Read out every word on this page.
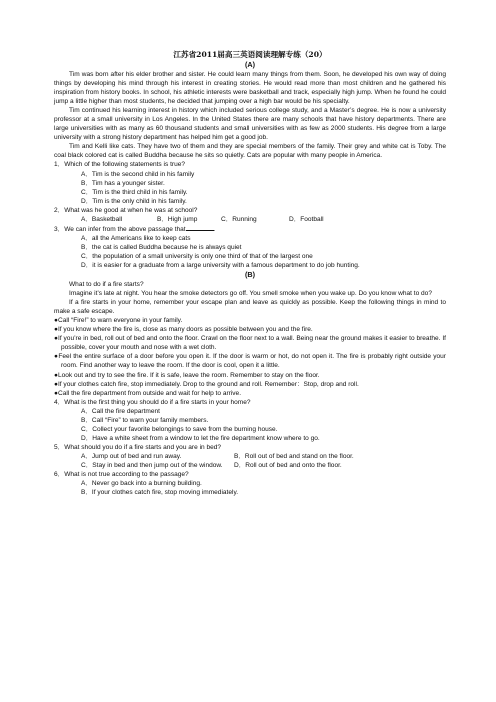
江苏省2011届高三英语阅读理解专练（20）
(A)

Tim was born after his elder brother and sister. He could learn many things from them. Soon, he developed his own way of doing things by developing his mind through his interest in creating stories. He would read more than most children and he gathered his inspiration from history books. In school, his athletic interests were basketball and track, especially high jump. When he found he could jump a little higher than most students, he decided that jumping over a high bar would be his specialty.

Tim continued his learning interest in history which included serious college study, and a Master’s degree. He is now a university professor at a small university in Los Angeles. In the United States there are many schools that have history departments. There are large universities with as many as 60 thousand students and small universities with as few as 2000 students. His degree from a large university with a strong history department has helped him get a good job.

Tim and Kelli like cats. They have two of them and they are special members of the family. Their grey and white cat is Toby. The coal black colored cat is called Buddha because he sits so quietly. Cats are popular with many people in America.

1．Which of the following statements is true?
A．Tim is the second child in his family
B．Tim has a younger sister.
C．Tim is the third child in his family.
D．Tim is the only child in his family.
2．What was he good at when he was at school?
A．Basketball	B．High jump	C．Running	D．Football
3．We can infer from the above passage that	.
A．all the Americans like to keep cats
B．the cat is called Buddha because he is always quiet
C．the population of a small university is only one third of that of the largest one
D．it is easier for a graduate from a large university with a famous department to do job hunting.
(B)

What to do if a fire starts?

Imagine it’s late at night. You hear the smoke detectors go off. You smell smoke when you wake up. Do you know what to do?

If a fire starts in your home, remember your escape plan and leave as quickly as possible. Keep the following things in mind to make a safe escape.

●Call “Fire!” to warn everyone in your family.
●If you know where the fire is, close as many doors as possible between you and the fire.
●If you’re in bed, roll out of bed and onto the floor. Crawl on the floor next to a wall. Being near the ground makes it easier to breathe. If possible, cover your mouth and nose with a wet cloth.
●Feel the entire surface of a door before you open it. If the door is warm or hot, do not open it. The fire is probably right outside your room. Find another way to leave the room. If the door is cool, open it a little.
●Look out and try to see the fire. If it is safe, leave the room. Remember to stay on the floor.
●If your clothes catch fire, stop immediately. Drop to the ground and roll. Remember：Stop, drop and roll.
●Call the fire department from outside and wait for help to arrive.
4．What is the first thing you should do if a fire starts in your home?
A．Call the fire department
B．Call “Fire” to warn your family members.
C．Collect your favorite belongings to save from the burning house.
D．Have a white sheet from a window to let the fire department know where to go.
5．What should you do if a fire starts and you are in bed?
A．Jump out of bed and run away.	B．Roll out of bed and stand on the floor.
C．Stay in bed and then jump out of the window.	D．Roll out of bed and onto the floor.
6．What is not true according to the passage?
A．Never go back into a burning building.
B．If your clothes catch fire, stop moving immediately.
